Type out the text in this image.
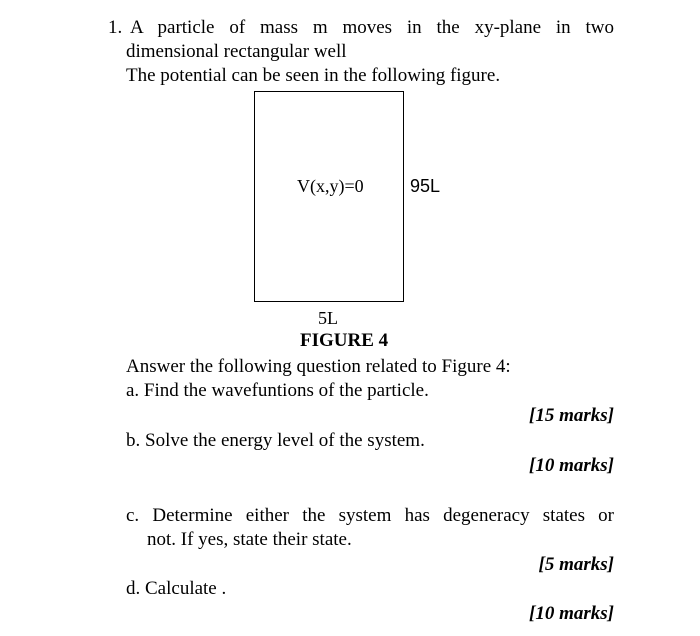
1. A particle of mass m moves in the xy-plane in two
dimensional rectangular well
The potential can be seen in the following figure.
V(x,y)=0	95L
5L
FIGURE 4
Answer the following question related to Figure 4:
a. Find the wavefuntions of the particle.
[15 marks]
b. Solve the energy level of the system.
[10 marks]
c. Determine either the system has degeneracy states or
not. If yes, state their state.
[5 marks]
d. Calculate .
[10 marks]
